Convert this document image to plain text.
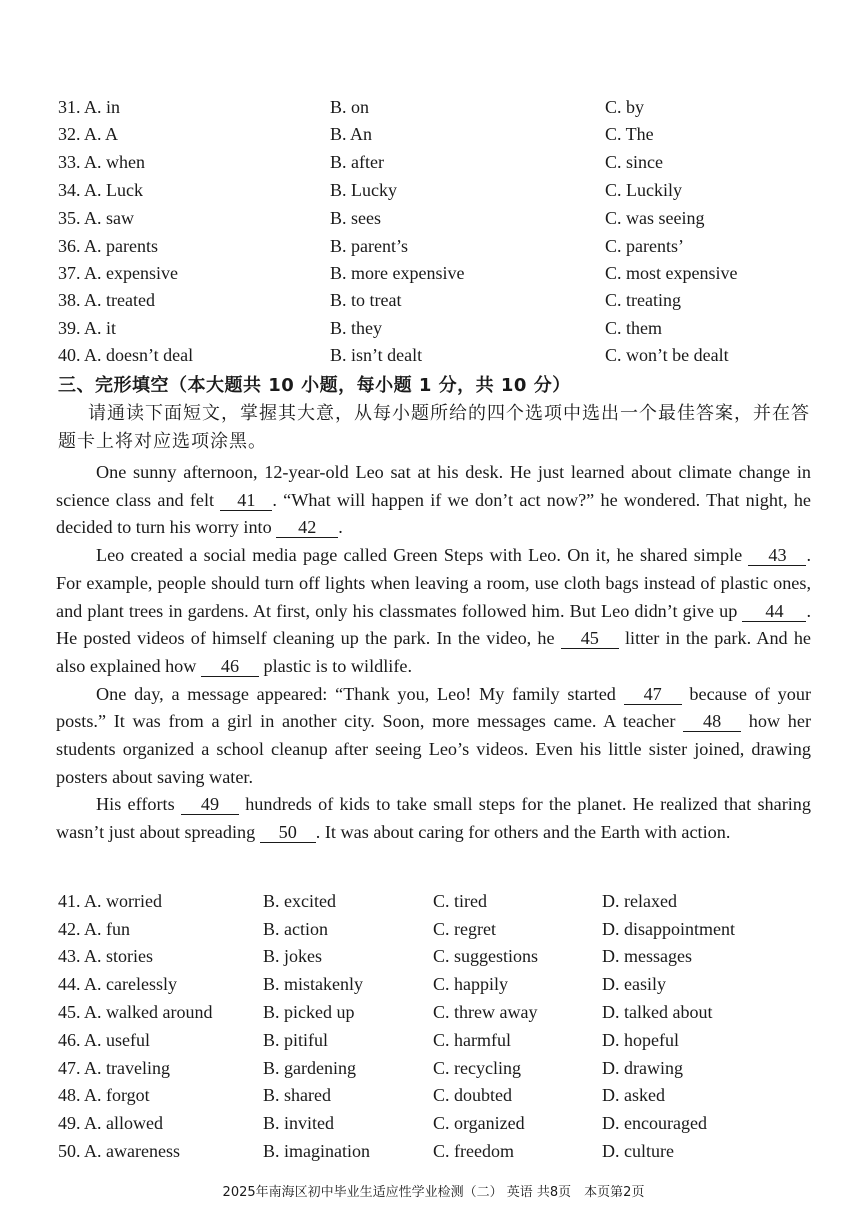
31. A. in	B. on	C. by
32. A. A	B. An	C. The
33. A. when	B. after	C. since
34. A. Luck	B. Lucky	C. Luckily
35. A. saw	B. sees	C. was seeing
36. A. parents	B. parent’s	C. parents’
37. A. expensive	B. more expensive	C. most expensive
38. A. treated	B. to treat	C. treating
39. A. it	B. they	C. them
40. A. doesn’t deal	B. isn’t dealt	C. won’t be dealt
三、完形填空（本大题共 10 小题，每小题 1 分，共 10 分）
请通读下面短文，掌握其大意，从每小题所给的四个选项中选出一个最佳答案，并在答题卡上将对应选项涂黑。

One sunny afternoon, 12-year-old Leo sat at his desk. He just learned about climate change in science class and felt 41 . “What will happen if we don’t act now?” he wondered. That night, he decided to turn his worry into 42 .

Leo created a social media page called Green Steps with Leo. On it, he shared simple 43 . For example, people should turn off lights when leaving a room, use cloth bags instead of plastic ones, and plant trees in gardens. At first, only his classmates followed him. But Leo didn’t give up 44 . He posted videos of himself cleaning up the park. In the video, he 45 litter in the park. And he also explained how 46 plastic is to wildlife.

One day, a message appeared: “Thank you, Leo! My family started 47 because of your posts.” It was from a girl in another city. Soon, more messages came. A teacher 48 how her students organized a school cleanup after seeing Leo’s videos. Even his little sister joined, drawing posters about saving water.

His efforts 49 hundreds of kids to take small steps for the planet. He realized that sharing wasn’t just about spreading 50 . It was about caring for others and the Earth with action.

41. A. worried	B. excited	C. tired	D. relaxed
42. A. fun	B. action	C. regret	D. disappointment
43. A. stories	B. jokes	C. suggestions	D. messages
44. A. carelessly	B. mistakenly	C. happily	D. easily
45. A. walked around	B. picked up	C. threw away	D. talked about
46. A. useful	B. pitiful	C. harmful	D. hopeful
47. A. traveling	B. gardening	C. recycling	D. drawing
48. A. forgot	B. shared	C. doubted	D. asked
49. A. allowed	B. invited	C. organized	D. encouraged
50. A. awareness	B. imagination	C. freedom	D. culture
2025年南海区初中毕业生适应性学业检测（二） 英语 共8页　本页第2页
